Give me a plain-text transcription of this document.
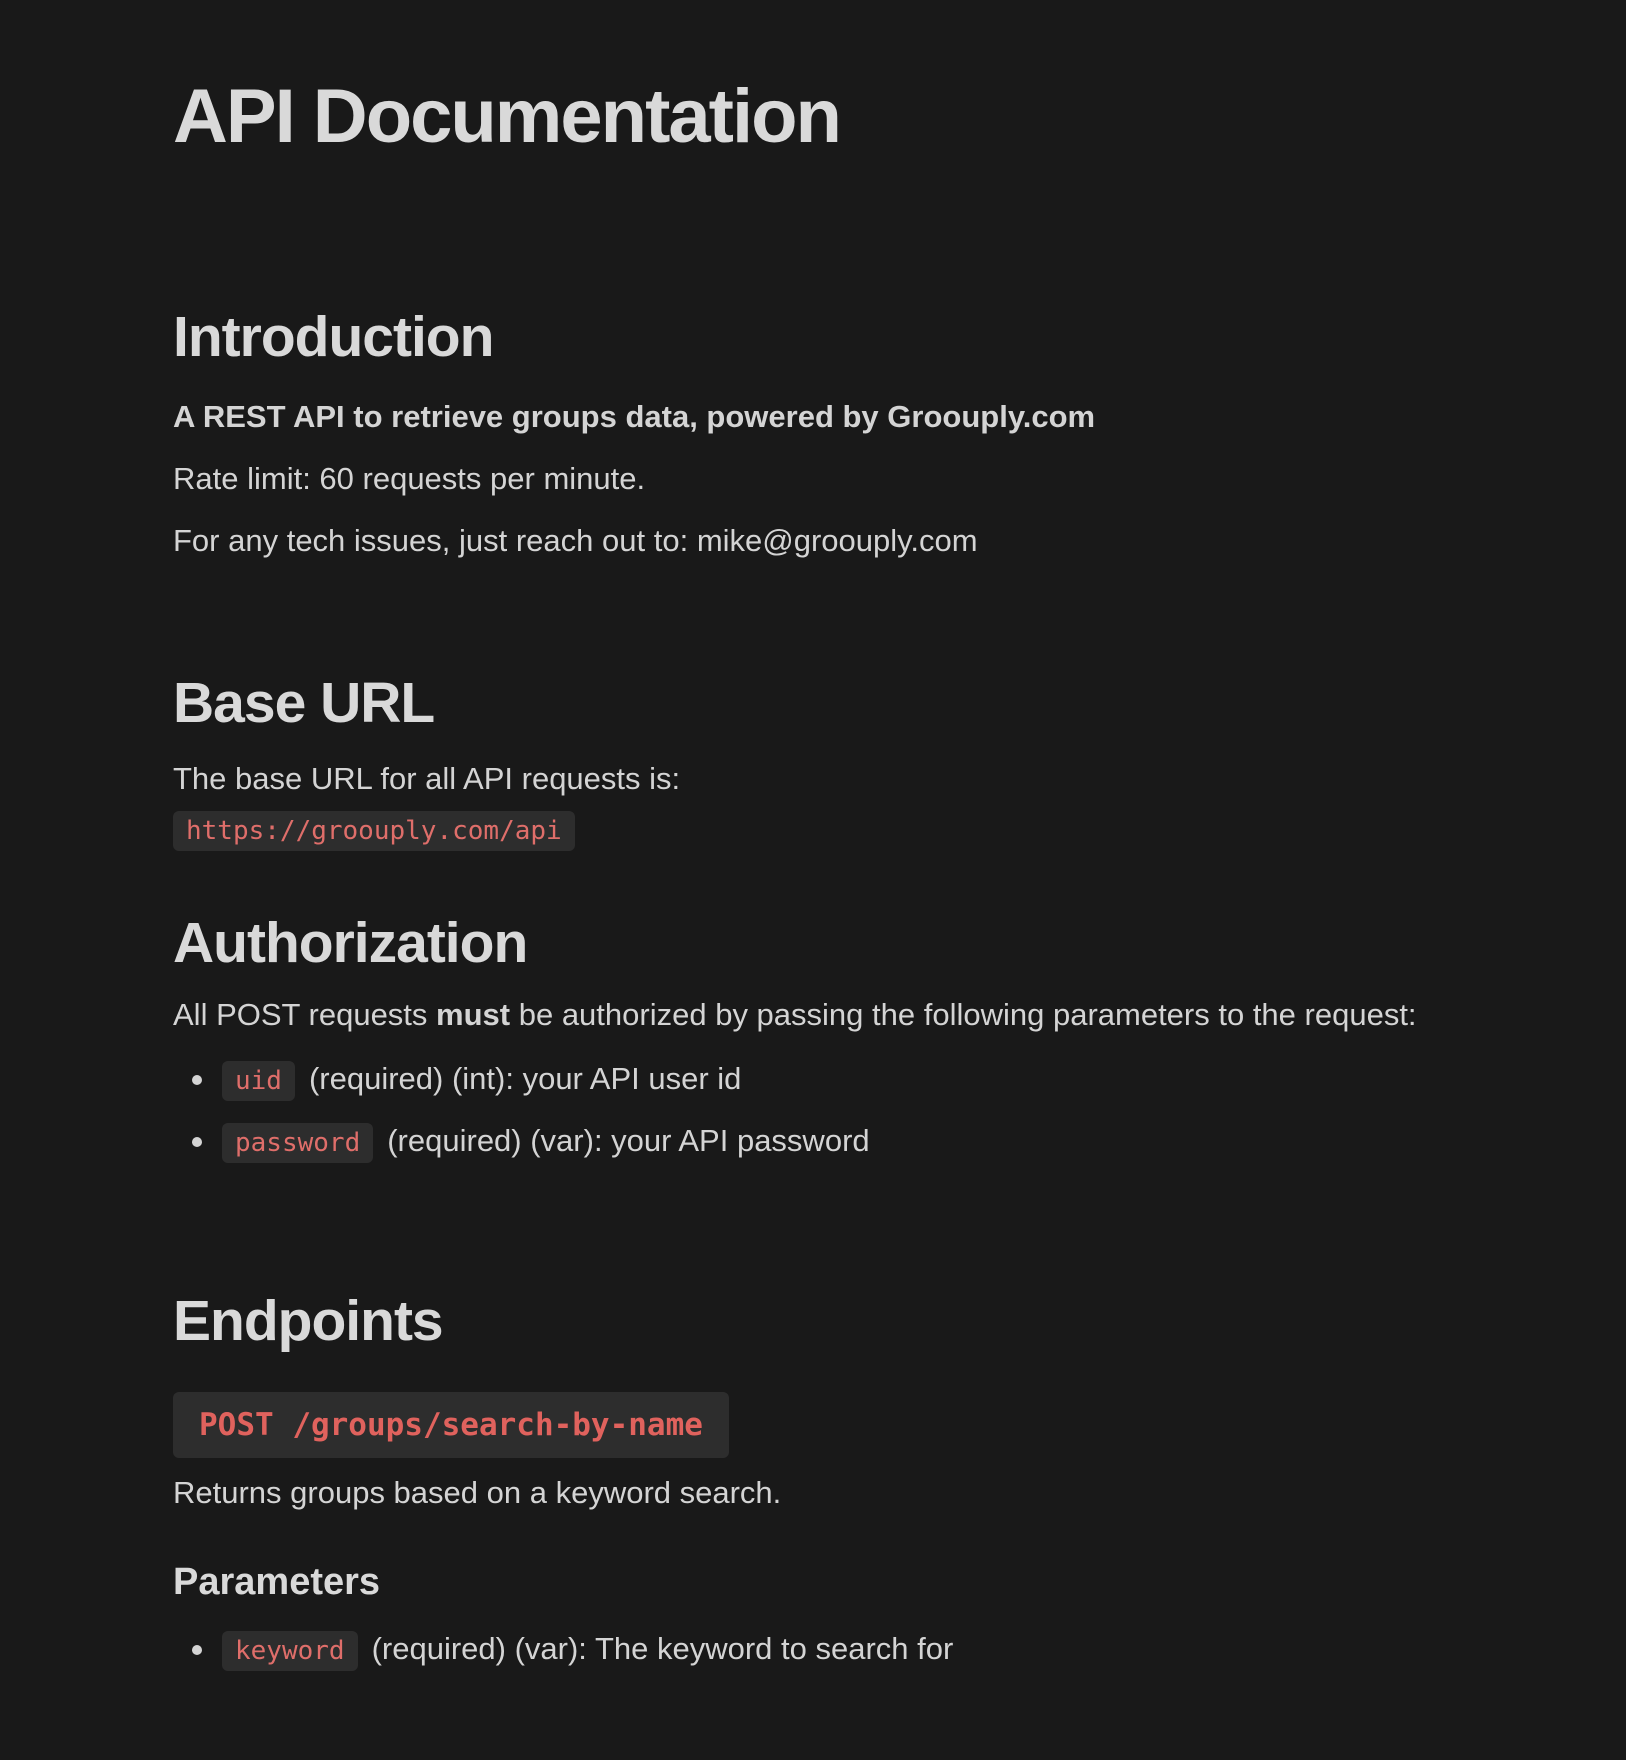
API Documentation
Introduction

A REST API to retrieve groups data, powered by Groouply.com

Rate limit: 60 requests per minute.

For any tech issues, just reach out to: mike@groouply.com

Base URL

The base URL for all API requests is:

https://groouply.com/api
Authorization

All POST requests must be authorized by passing the following parameters to the request:

uid (required) (int): your API user id
password (required) (var): your API password
Endpoints
POST /groups/search-by-name

Returns groups based on a keyword search.

Parameters
keyword (required) (var): The keyword to search for
